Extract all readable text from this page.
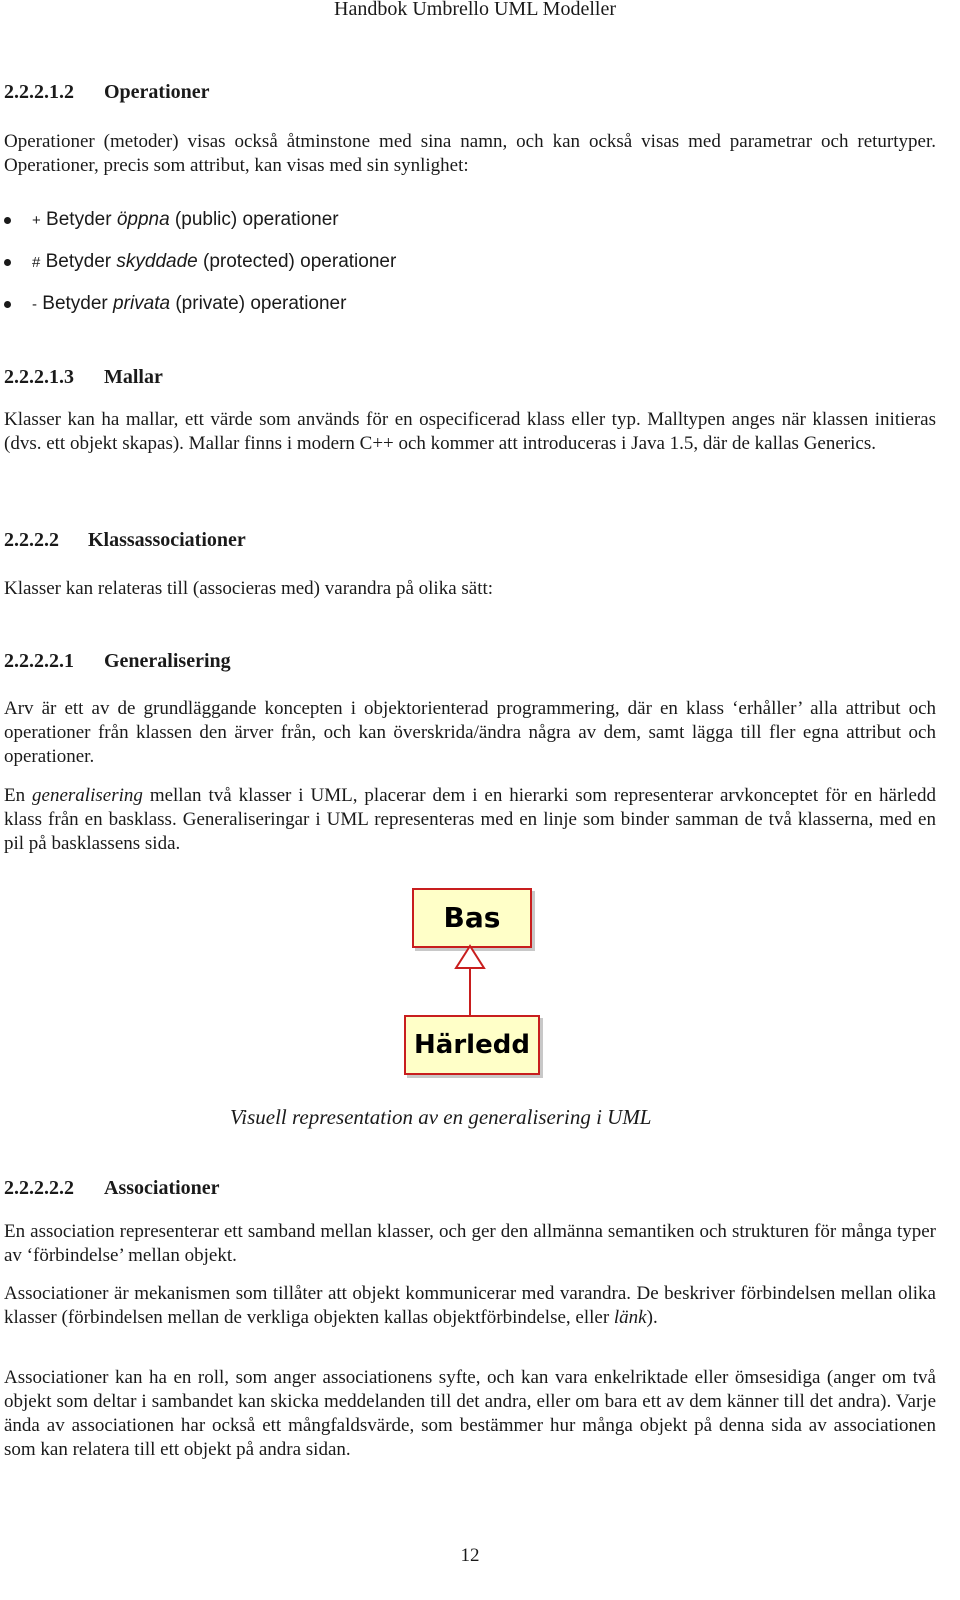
Handbok Umbrello UML Modeller
2.2.2.1.2 Operationer

Operationer (metoder) visas också åtminstone med sina namn, och kan också visas med parametrar och returtyper. Operationer, precis som attribut, kan visas med sin synlighet:

+ Betyder öppna (public) operationer
# Betyder skyddade (protected) operationer
- Betyder privata (private) operationer
2.2.2.1.3 Mallar

Klasser kan ha mallar, ett värde som används för en ospecificerad klass eller typ. Malltypen anges när klassen initieras (dvs. ett objekt skapas). Mallar finns i modern C++ och kommer att introduceras i Java 1.5, där de kallas Generics.

2.2.2.2 Klassassociationer

Klasser kan relateras till (associeras med) varandra på olika sätt:

2.2.2.2.1 Generalisering

Arv är ett av de grundläggande koncepten i objektorienterad programmering, där en klass ‘erhåller’ alla attribut och operationer från klassen den ärver från, och kan överskrida/ändra några av dem, samt lägga till fler egna attribut och operationer.

En generalisering mellan två klasser i UML, placerar dem i en hierarki som representerar arvkonceptet för en härledd klass från en basklass. Generaliseringar i UML representeras med en linje som binder samman de två klasserna, med en pil på basklassens sida.

Bas
Härledd
Visuell representation av en generalisering i UML
2.2.2.2.2 Associationer

En association representerar ett samband mellan klasser, och ger den allmänna semantiken och strukturen för många typer av ‘förbindelse’ mellan objekt.

Associationer är mekanismen som tillåter att objekt kommunicerar med varandra. De beskriver förbindelsen mellan olika klasser (förbindelsen mellan de verkliga objekten kallas objektförbindelse, eller länk).

Associationer kan ha en roll, som anger associationens syfte, och kan vara enkelriktade eller ömsesidiga (anger om två objekt som deltar i sambandet kan skicka meddelanden till det andra, eller om bara ett av dem känner till det andra). Varje ända av associationen har också ett mångfaldsvärde, som bestämmer hur många objekt på denna sida av associationen som kan relatera till ett objekt på andra sidan.

12
